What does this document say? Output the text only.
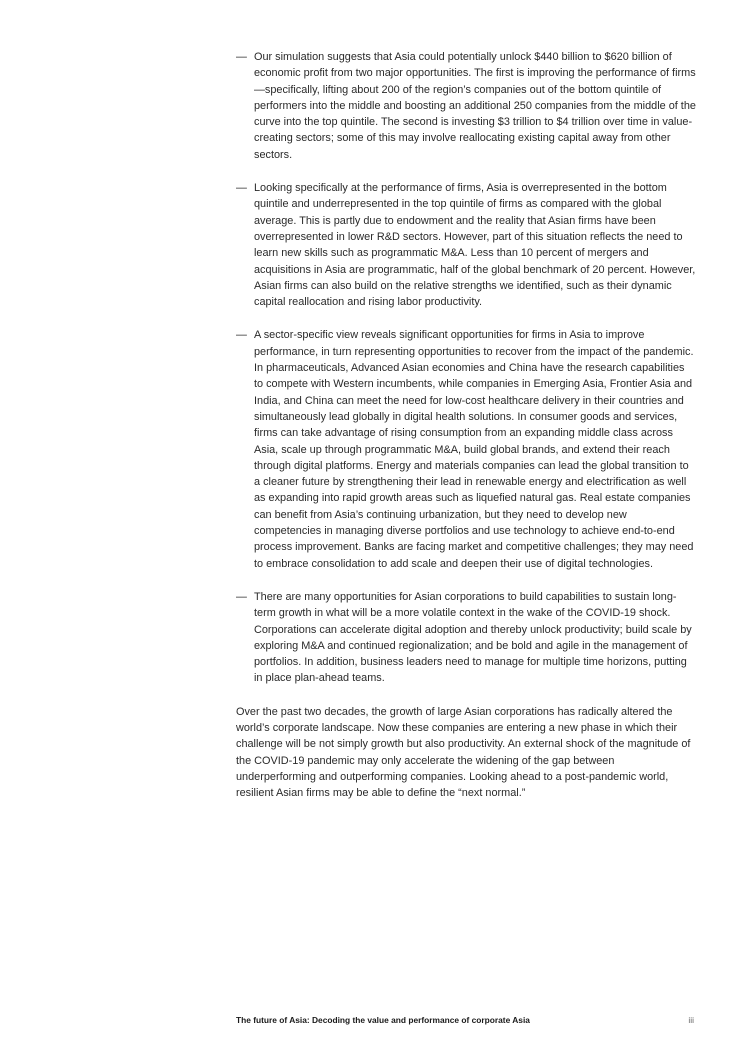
— Our simulation suggests that Asia could potentially unlock $440 billion to $620 billion of economic profit from two major opportunities. The first is improving the performance of firms—specifically, lifting about 200 of the region’s companies out of the bottom quintile of performers into the middle and boosting an additional 250 companies from the middle of the curve into the top quintile. The second is investing $3 trillion to $4 trillion over time in value-creating sectors; some of this may involve reallocating existing capital away from other sectors.
— Looking specifically at the performance of firms, Asia is overrepresented in the bottom quintile and underrepresented in the top quintile of firms as compared with the global average. This is partly due to endowment and the reality that Asian firms have been overrepresented in lower R&D sectors. However, part of this situation reflects the need to learn new skills such as programmatic M&A. Less than 10 percent of mergers and acquisitions in Asia are programmatic, half of the global benchmark of 20 percent. However, Asian firms can also build on the relative strengths we identified, such as their dynamic capital reallocation and rising labor productivity.
— A sector-specific view reveals significant opportunities for firms in Asia to improve performance, in turn representing opportunities to recover from the impact of the pandemic. In pharmaceuticals, Advanced Asian economies and China have the research capabilities to compete with Western incumbents, while companies in Emerging Asia, Frontier Asia and India, and China can meet the need for low-cost healthcare delivery in their countries and simultaneously lead globally in digital health solutions. In consumer goods and services, firms can take advantage of rising consumption from an expanding middle class across Asia, scale up through programmatic M&A, build global brands, and extend their reach through digital platforms. Energy and materials companies can lead the global transition to a cleaner future by strengthening their lead in renewable energy and electrification as well as expanding into rapid growth areas such as liquefied natural gas. Real estate companies can benefit from Asia’s continuing urbanization, but they need to develop new competencies in managing diverse portfolios and use technology to achieve end-to-end process improvement. Banks are facing market and competitive challenges; they may need to embrace consolidation to add scale and deepen their use of digital technologies.
— There are many opportunities for Asian corporations to build capabilities to sustain long-term growth in what will be a more volatile context in the wake of the COVID-19 shock. Corporations can accelerate digital adoption and thereby unlock productivity; build scale by exploring M&A and continued regionalization; and be bold and agile in the management of portfolios. In addition, business leaders need to manage for multiple time horizons, putting in place plan-ahead teams.
Over the past two decades, the growth of large Asian corporations has radically altered the world’s corporate landscape. Now these companies are entering a new phase in which their challenge will be not simply growth but also productivity. An external shock of the magnitude of the COVID-19 pandemic may only accelerate the widening of the gap between underperforming and outperforming companies. Looking ahead to a post-pandemic world, resilient Asian firms may be able to define the “next normal.”
The future of Asia: Decoding the value and performance of corporate Asia	iii
